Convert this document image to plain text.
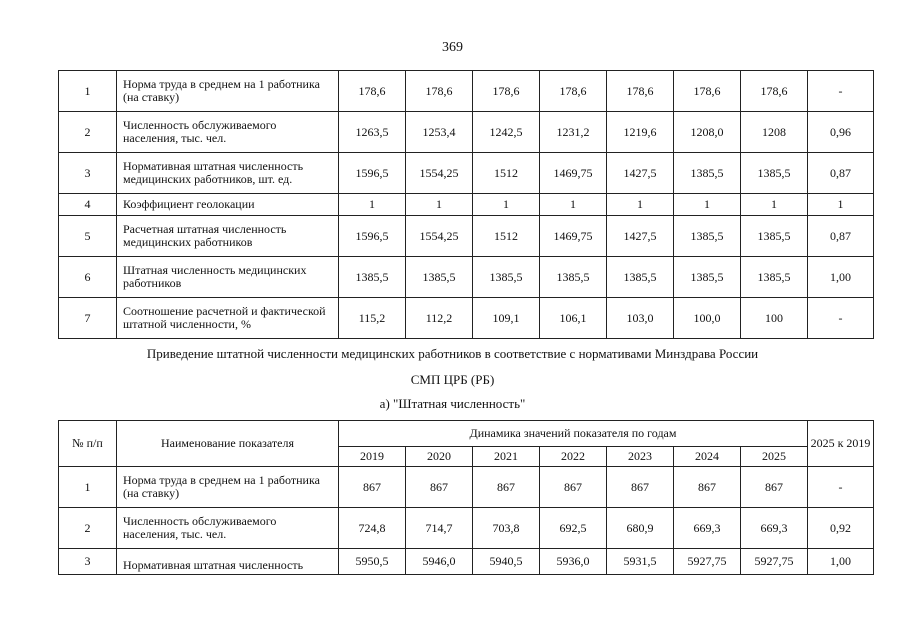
369
1	Норма труда в среднем на 1 работника (на ставку)	178,6	178,6	178,6	178,6	178,6	178,6	178,6	-
2	Численность обслуживаемого населения, тыс. чел.	1263,5	1253,4	1242,5	1231,2	1219,6	1208,0	1208	0,96
3	Нормативная штатная численность медицинских работников, шт. ед.	1596,5	1554,25	1512	1469,75	1427,5	1385,5	1385,5	0,87
4	Коэффициент геолокации	1	1	1	1	1	1	1	1
5	Расчетная штатная численность медицинских работников	1596,5	1554,25	1512	1469,75	1427,5	1385,5	1385,5	0,87
6	Штатная численность медицинских работников	1385,5	1385,5	1385,5	1385,5	1385,5	1385,5	1385,5	1,00
7	Соотношение расчетной и фактической штатной численности, %	115,2	112,2	109,1	106,1	103,0	100,0	100	-
Приведение штатной численности медицинских работников в соответствие с нормативами Минздрава России
СМП ЦРБ (РБ)
а) "Штатная численность"
№ п/п	Наименование показателя	Динамика значений показателя по годам							2025 к 2019
		2019	2020	2021	2022	2023	2024	2025	
1	Норма труда в среднем на 1 работника (на ставку)	867	867	867	867	867	867	867	-
2	Численность обслуживаемого населения, тыс. чел.	724,8	714,7	703,8	692,5	680,9	669,3	669,3	0,92
3	Нормативная штатная численность	5950,5	5946,0	5940,5	5936,0	5931,5	5927,75	5927,75	1,00
